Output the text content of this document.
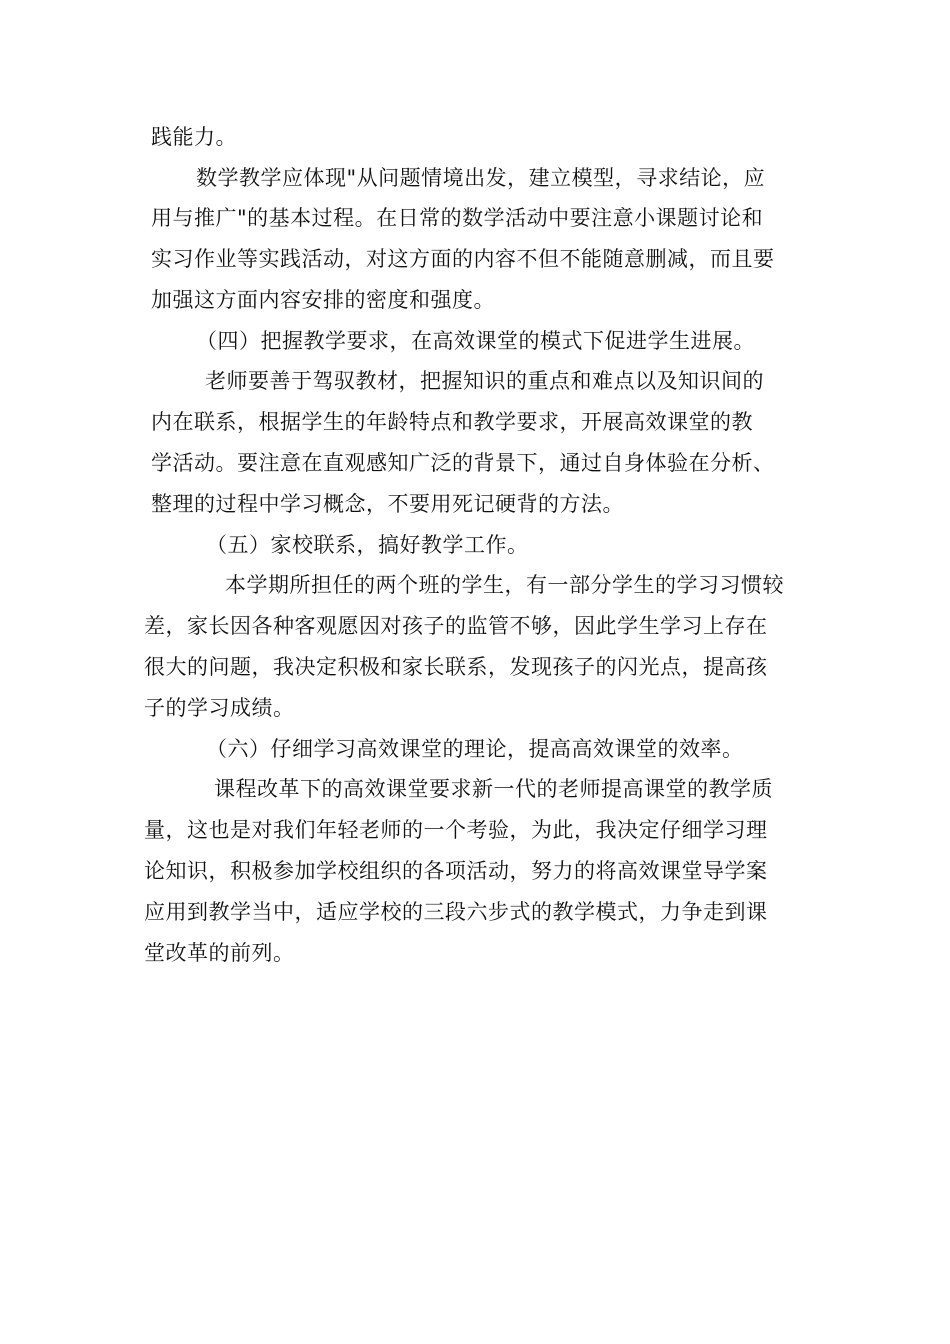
践能力。
数学教学应体现"从问题情境出发，建立模型，寻求结论，应
用与推广"的基本过程。在日常的数学活动中要注意小课题讨论和
实习作业等实践活动，对这方面的内容不但不能随意删减，而且要
加强这方面内容安排的密度和强度。
（四）把握教学要求，在高效课堂的模式下促进学生进展。
老师要善于驾驭教材，把握知识的重点和难点以及知识间的
内在联系，根据学生的年龄特点和教学要求，开展高效课堂的教
学活动。要注意在直观感知广泛的背景下，通过自身体验在分析、
整理的过程中学习概念，不要用死记硬背的方法。
（五）家校联系，搞好教学工作。
本学期所担任的两个班的学生，有一部分学生的学习习惯较
差，家长因各种客观愿因对孩子的监管不够，因此学生学习上存在
很大的问题，我决定积极和家长联系，发现孩子的闪光点，提高孩
子的学习成绩。
（六）仔细学习高效课堂的理论，提高高效课堂的效率。
课程改革下的高效课堂要求新一代的老师提高课堂的教学质
量，这也是对我们年轻老师的一个考验，为此，我决定仔细学习理
论知识，积极参加学校组织的各项活动，努力的将高效课堂导学案
应用到教学当中，适应学校的三段六步式的教学模式，力争走到课
堂改革的前列。
